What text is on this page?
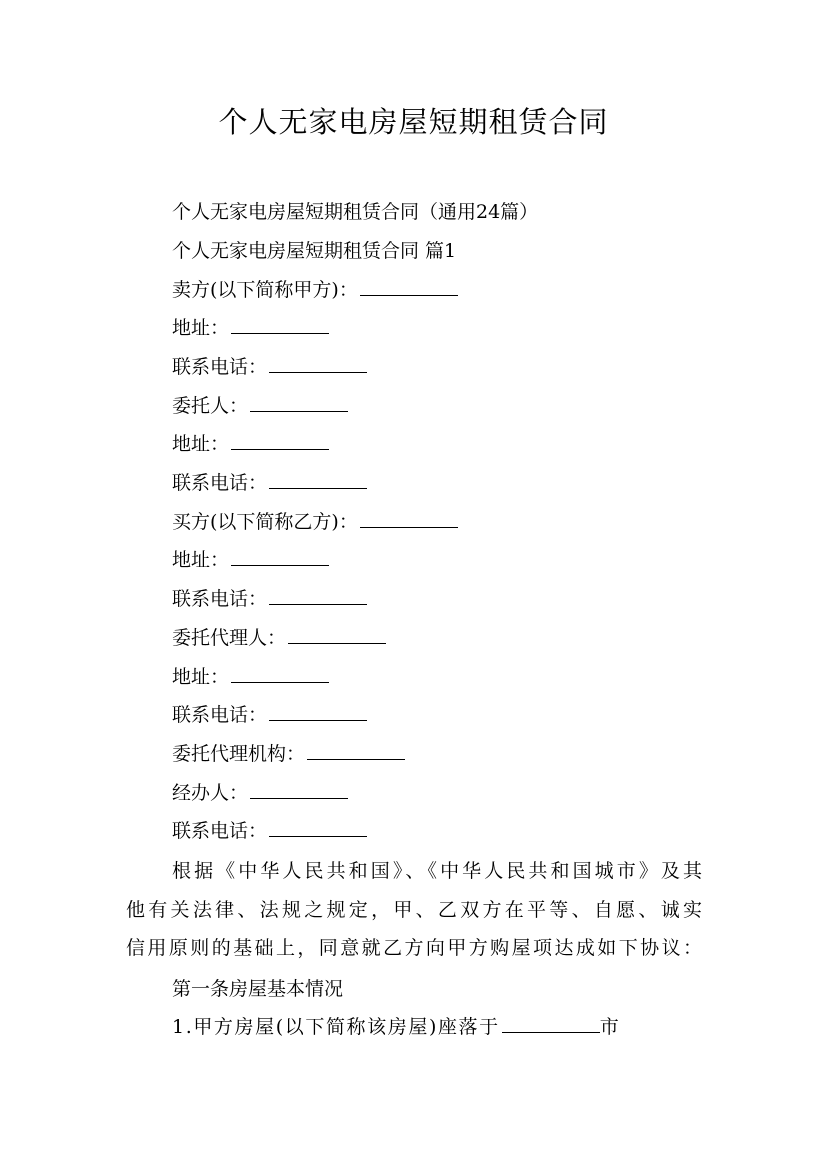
个人无家电房屋短期租赁合同
个人无家电房屋短期租赁合同（通用24篇）
个人无家电房屋短期租赁合同 篇1
卖方(以下简称甲方)：
地址：
联系电话：
委托人：
地址：
联系电话：
买方(以下简称乙方)：
地址：
联系电话：
委托代理人：
地址：
联系电话：
委托代理机构：
经办人：
联系电话：
根据《中华人民共和国》、《中华人民共和国城市》及其
他有关法律、法规之规定，甲、乙双方在平等、自愿、诚实
信用原则的基础上，同意就乙方向甲方购屋项达成如下协议：
第一条房屋基本情况
1.甲方房屋(以下简称该房屋)座落于	市
